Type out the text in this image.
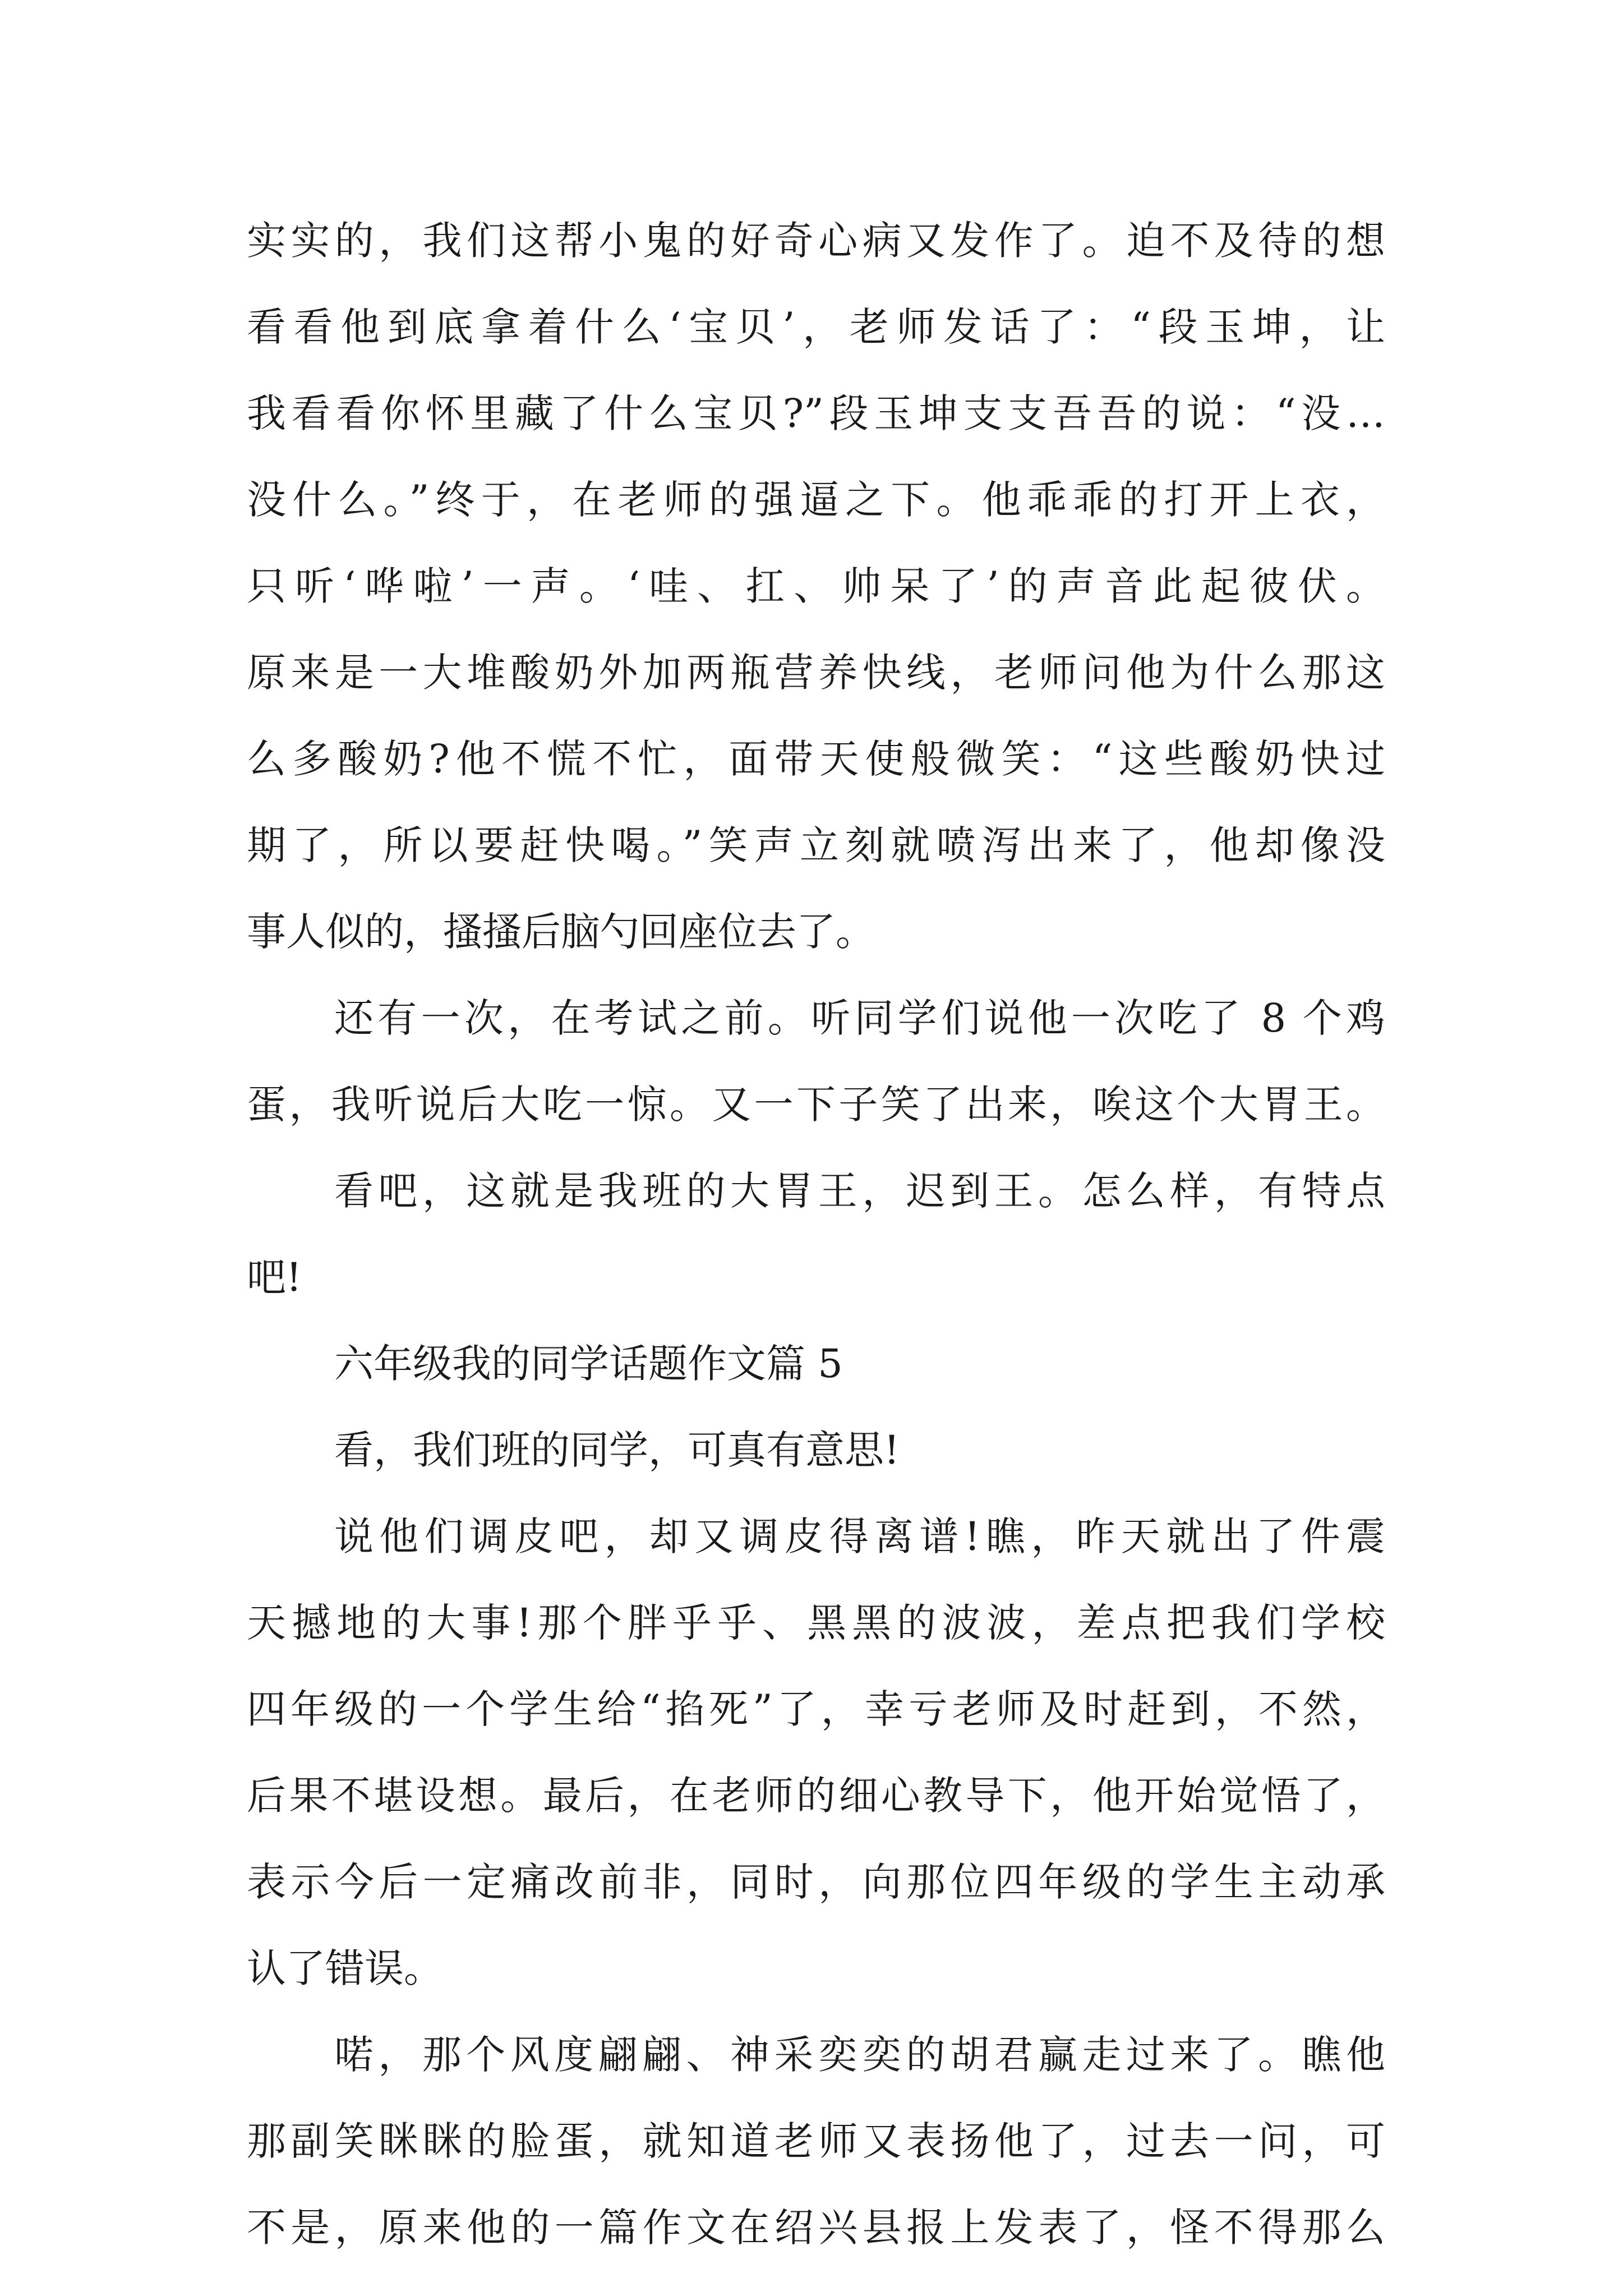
实实的，我们这帮小鬼的好奇心病又发作了。迫不及待的想
看看他到底拿着什么‘宝贝’，老师发话了：“段玉坤，让
我看看你怀里藏了什么宝贝?”段玉坤支支吾吾的说：“没…
没什么。”终于，在老师的强逼之下。他乖乖的打开上衣，
只听‘哗啦’一声。‘哇、扛、帅呆了’的声音此起彼伏。
原来是一大堆酸奶外加两瓶营养快线，老师问他为什么那这
么多酸奶?他不慌不忙，面带天使般微笑：“这些酸奶快过
期了，所以要赶快喝。”笑声立刻就喷泻出来了，他却像没
事人似的，搔搔后脑勺回座位去了。
还有一次，在考试之前。听同学们说他一次吃了 8 个鸡
蛋，我听说后大吃一惊。又一下子笑了出来，唉这个大胃王。
看吧，这就是我班的大胃王，迟到王。怎么样，有特点
吧!
六年级我的同学话题作文篇 5
看，我们班的同学，可真有意思!
说他们调皮吧，却又调皮得离谱!瞧，昨天就出了件震
天撼地的大事!那个胖乎乎、黑黑的波波，差点把我们学校
四年级的一个学生给“掐死”了，幸亏老师及时赶到，不然，
后果不堪设想。最后，在老师的细心教导下，他开始觉悟了，
表示今后一定痛改前非，同时，向那位四年级的学生主动承
认了错误。
喏，那个风度翩翩、神采奕奕的胡君赢走过来了。瞧他
那副笑眯眯的脸蛋，就知道老师又表扬他了，过去一问，可
不是，原来他的一篇作文在绍兴县报上发表了，怪不得那么
